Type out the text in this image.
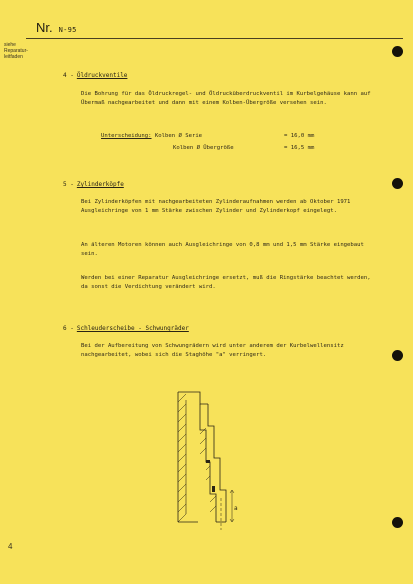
Nr. N-95
siehe Reparatur-leitfaden
4 - Öldruckventile
Die Bohrung für das Öldruckregel- und Öldrucküberdruckventil im Kurbelgehäuse kann auf Übermaß nachgearbeitet und dann mit einem Kolben-Übergröße versehen sein.
Unterscheidung: Kolben Ø Serie	= 16,0 mm
Kolben Ø Übergröße	= 16,5 mm
5 - Zylinderköpfe
Bei Zylinderköpfen mit nachgearbeiteten Zylinderaufnahmen werden ab Oktober 1971 Ausgleichringe von 1 mm Stärke zwischen Zylinder und Zylinderkopf eingelegt.
An älteren Motoren können auch Ausgleichringe von 0,8 mm und 1,5 mm Stärke eingebaut sein.
Werden bei einer Reparatur Ausgleichringe ersetzt, muß die Ringstärke beachtet werden, da sonst die Verdichtung verändert wird.
6 - Schleuderscheibe - Schwungräder
Bei der Aufbereitung von Schwungrädern wird unter anderem der Kurbelwellensitz nachgearbeitet, wobei sich die Staghöhe "a" verringert.
a
4
